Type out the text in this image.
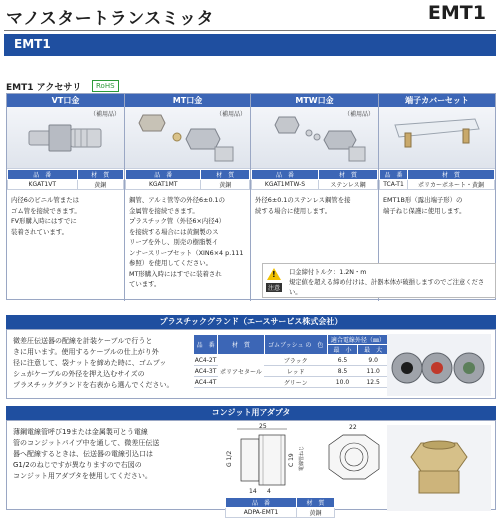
マノスタートランスミッタ	EMT1
EMT1
EMT1 アクセサリ	RoHS
VT口金
（補用品）
品　番	材　質
KGAT1VT	黄銅
内径6のビニル管または
ゴム管を接続できます。
FV形購入時にはすでに
装着されています。
MT口金
（補用品）
品　番	材　質
KGAT1MT	黄銅
鋼管、アルミ管等の外径6±0.1の
金属管を接続できます。
プラスチック管（外径6×内径4）
を接続する場合には黄銅製のス
リーブを外し、別売の樹脂製イ
ンナースリーブセット（XIN6×4 p.111
参照）を使用してください。
MT形購入時にはすでに装着され
ています。
MTW口金
（補用品）
品　番	材　質
KGAT1MTW-S	ステンレス鋼
外径6±0.1のステンレス鋼管を接
続する場合に使用します。
端子カバーセット
品　番	材　質
TCA-T1	ポリカーボネート・黄銅
EMT1B形（露出端子形）の
端子ねじ保護に使用します。
!
注意
口金締付トルク：1.2N・m
規定値を超える締め付けは、計器本体が破損しますのでご注意くださ
い。
プラスチックグランド（エースサービス株式会社）
微差圧伝送器の配線を計装ケーブルで行うと
きに用います。使用するケーブルの仕上がり外
径に注意して、袋ナットを締めた時に、ゴムブッ
シュがケーブルの外径を押え込むサイズの
プラスチックグランドを右表から選んでください。
品　番	材　質	ゴムブッシュ の　色	適合電線外径（㎜）	
			最　小	最　大
AC4-2T	ポリアセタール	ブラック	6.5	9.0
AC4-3T		レッド	8.5	11.0
AC4-4T		グリーン	10.0	12.5
コンジット用アダプタ
薄鋼電線管呼び19または金属製可とう電線
管のコンジットパイプ中を通して、微差圧伝送
器へ配線するときは、伝送器の電線引込口は
G1/2のねじですが異なりますので右図の
コンジット用アダプタを使用してください。
25
G 1/2	C 19 電線管ねじ
14 4
22
品　番	材　質
ADPA-EMT1	黄銅
